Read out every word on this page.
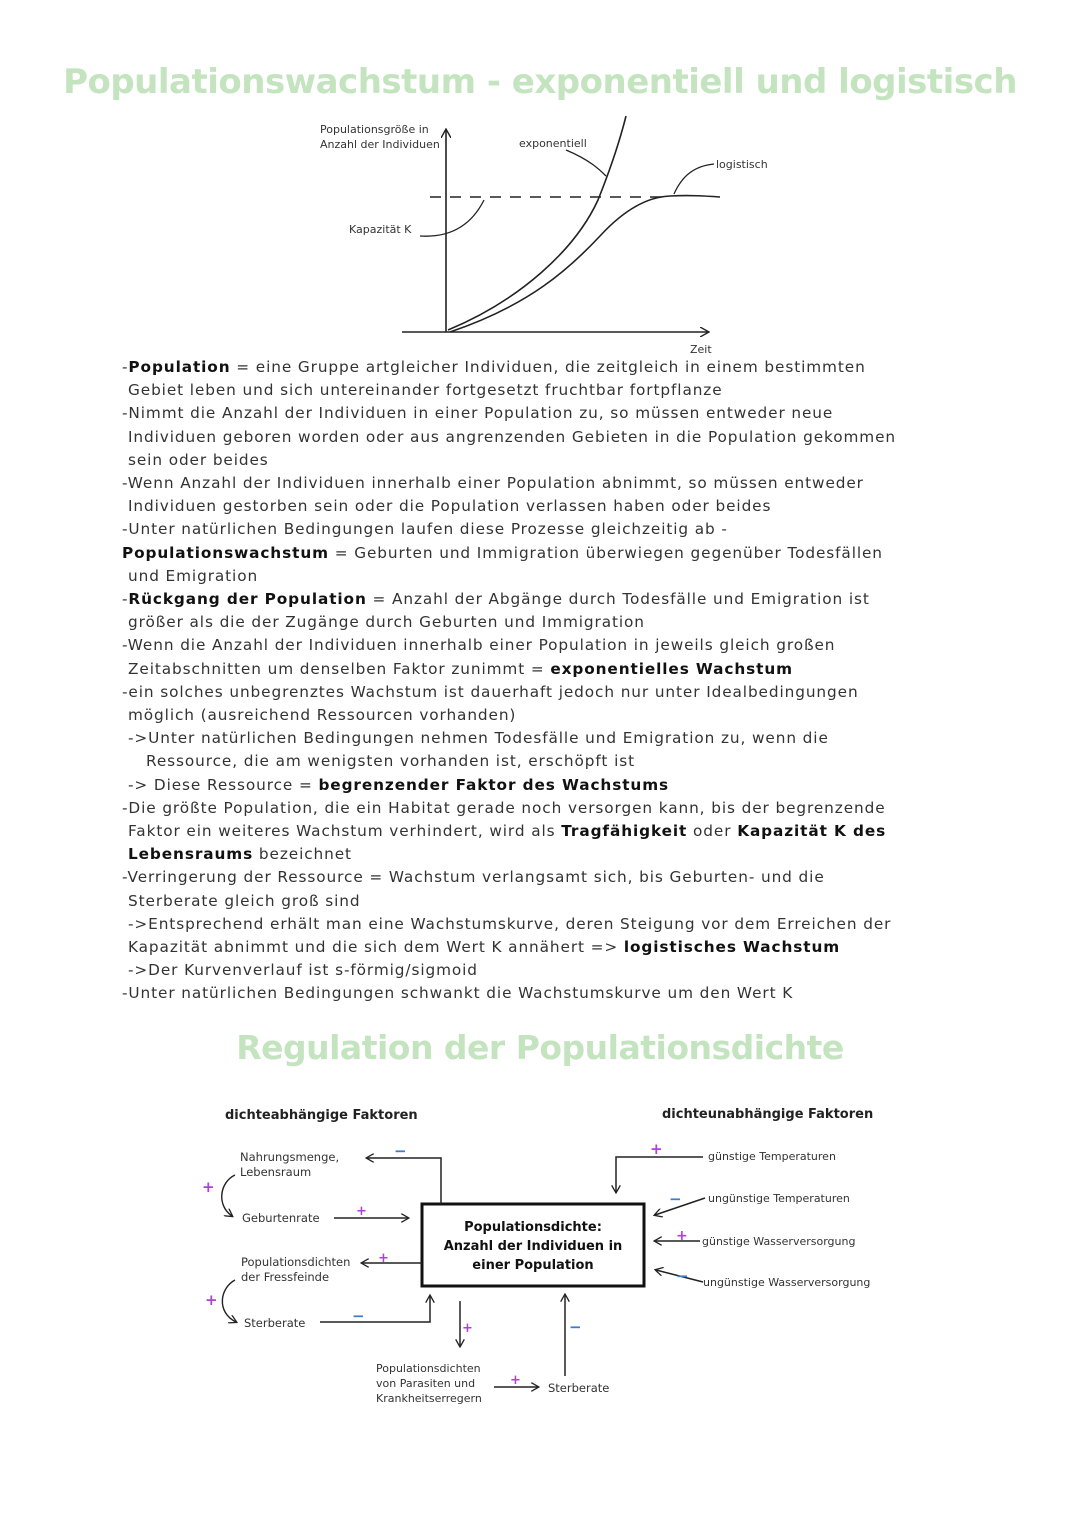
Populationswachstum - exponentiell und logistisch
Populationsgröße in
Anzahl der Individuen	exponentiell
logistisch
Kapazität K
Zeit
dichteabhängige Faktoren	dichteunabhängige Faktoren
Populationsdichte:
Anzahl der Individuen in
einer Population
Nahrungsmenge,
Lebensraum
Geburtenrate
Populationsdichten
der Fressfeinde
Sterberate
Populationsdichten
von Parasiten und
Krankheitserregern
Sterberate
günstige Temperaturen
ungünstige Temperaturen
günstige Wasserversorgung
ungünstige Wasserversorgung
+
+
−
+
+
−
+
+
−
+
−
+
−
-Population = eine Gruppe artgleicher Individuen, die zeitgleich in einem bestimmten
Gebiet leben und sich untereinander fortgesetzt fruchtbar fortpflanze
-Nimmt die Anzahl der Individuen in einer Population zu, so müssen entweder neue
Individuen geboren worden oder aus angrenzenden Gebieten in die Population gekommen
sein oder beides
-Wenn Anzahl der Individuen innerhalb einer Population abnimmt, so müssen entweder
Individuen gestorben sein oder die Population verlassen haben oder beides
-Unter natürlichen Bedingungen laufen diese Prozesse gleichzeitig ab -
Populationswachstum = Geburten und Immigration überwiegen gegenüber Todesfällen
und Emigration
-Rückgang der Population = Anzahl der Abgänge durch Todesfälle und Emigration ist
größer als die der Zugänge durch Geburten und Immigration
-Wenn die Anzahl der Individuen innerhalb einer Population in jeweils gleich großen
Zeitabschnitten um denselben Faktor zunimmt = exponentielles Wachstum
-ein solches unbegrenztes Wachstum ist dauerhaft jedoch nur unter Idealbedingungen
möglich (ausreichend Ressourcen vorhanden)
->Unter natürlichen Bedingungen nehmen Todesfälle und Emigration zu, wenn die
Ressource, die am wenigsten vorhanden ist, erschöpft ist
-> Diese Ressource = begrenzender Faktor des Wachstums
-Die größte Population, die ein Habitat gerade noch versorgen kann, bis der begrenzende
Faktor ein weiteres Wachstum verhindert, wird als Tragfähigkeit oder Kapazität K des
Lebensraums bezeichnet
-Verringerung der Ressource = Wachstum verlangsamt sich, bis Geburten- und die
Sterberate gleich groß sind
->Entsprechend erhält man eine Wachstumskurve, deren Steigung vor dem Erreichen der
Kapazität abnimmt und die sich dem Wert K annähert => logistisches Wachstum
->Der Kurvenverlauf ist s-förmig/sigmoid
-Unter natürlichen Bedingungen schwankt die Wachstumskurve um den Wert K
Regulation der Populationsdichte
